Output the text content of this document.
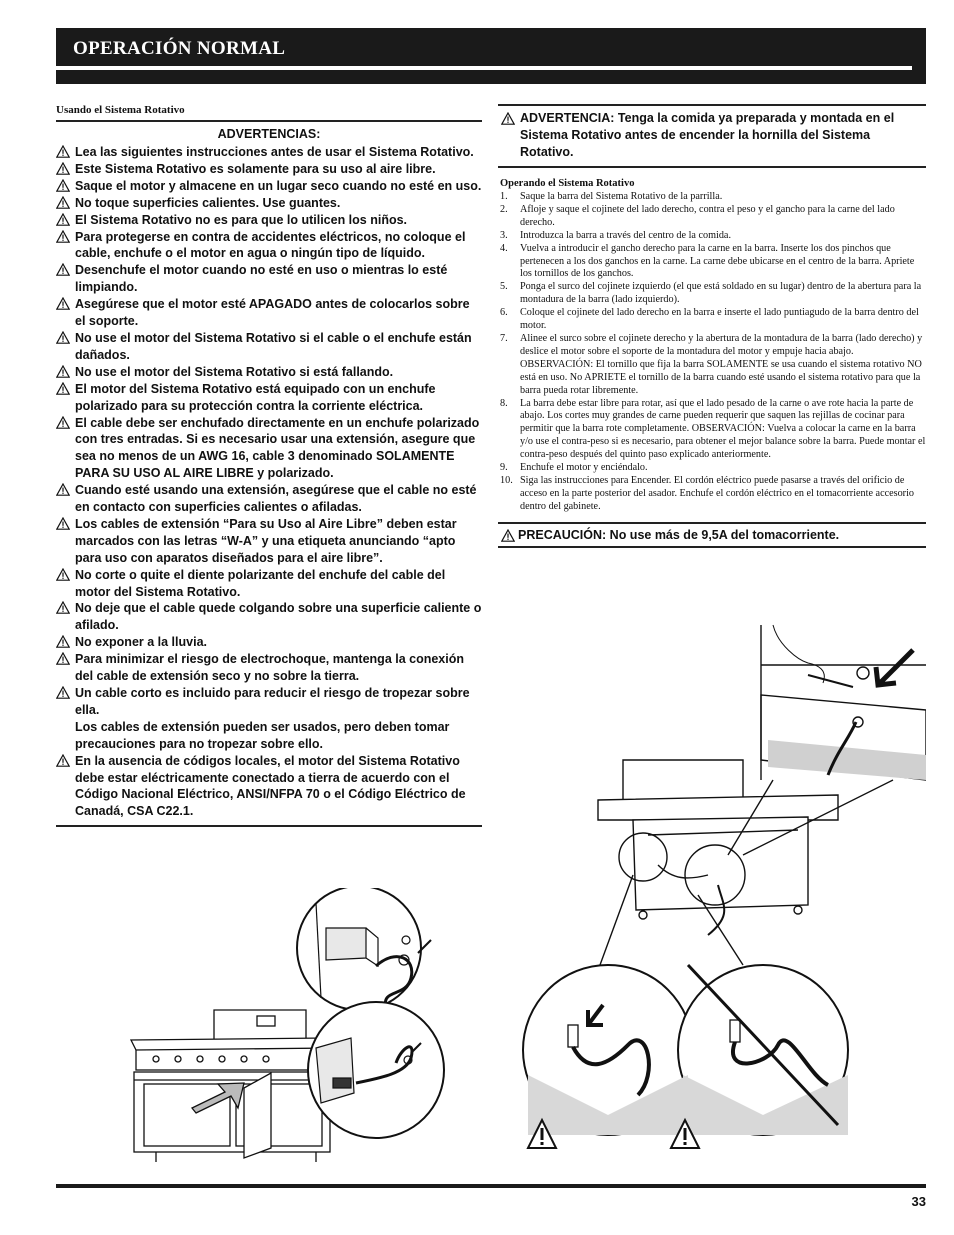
OPERACIÓN NORMAL
Usando el Sistema Rotativo
ADVERTENCIAS:
Lea las siguientes instrucciones antes de usar el Sistema Rotativo.
Este Sistema Rotativo es solamente para su uso al aire libre.
Saque el motor y almacene en un lugar seco cuando no esté en uso.
No toque superficies calientes. Use guantes.
El Sistema Rotativo no es para que lo utilicen los niños.
Para protegerse en contra de accidentes eléctricos, no coloque el cable, enchufe o el motor en agua o ningún tipo de líquido.
Desenchufe el motor cuando no esté en uso o mientras lo esté limpiando.
Asegúrese que el motor esté APAGADO antes de colocarlos sobre el soporte.
No use el motor del Sistema Rotativo si el cable o el enchufe están dañados.
No use el motor del Sistema Rotativo si está fallando.
El motor del Sistema Rotativo está equipado con un enchufe polarizado para su protección contra la corriente eléctrica.
El cable debe ser enchufado directamente en un enchufe polarizado con tres entradas. Si es necesario usar una extensión, asegure que sea no menos de un AWG 16, cable 3 denominado SOLAMENTE PARA SU USO AL AIRE LIBRE y polarizado.
Cuando esté usando una extensión, asegúrese que el cable no esté en contacto con superficies calientes o afiladas.
Los cables de extensión “Para su Uso al Aire Libre” deben estar marcados con las letras “W-A” y una etiqueta anunciando “apto para uso con aparatos diseñados para el aire libre”.
No corte o quite el diente polarizante del enchufe del cable del motor del Sistema Rotativo.
No deje que el cable quede colgando sobre una superficie caliente o afilado.
No exponer a la lluvia.
Para minimizar el riesgo de electrochoque, mantenga la conexión del cable de extensión seco y no sobre la tierra.
Un cable corto es incluido para reducir el riesgo de tropezar sobre ella.
Los cables de extensión pueden ser usados, pero deben tomar precauciones para no tropezar sobre ello.
En la ausencia de códigos locales, el motor del Sistema Rotativo debe estar eléctricamente conectado a tierra de acuerdo con el Código Nacional Eléctrico, ANSI/NFPA 70 o el Código Eléctrico de Canadá, CSA C22.1.
ADVERTENCIA: Tenga la comida ya preparada y montada en el Sistema Rotativo antes de encender la hornilla del Sistema Rotativo.
Operando el Sistema Rotativo
1. Saque la barra del Sistema Rotativo de la parrilla.
2. Afloje y saque el cojinete del lado derecho, contra el peso y el gancho para la carne del lado derecho.
3. Introduzca la barra a través del centro de la comida.
4. Vuelva a introducir el gancho derecho para la carne en la barra. Inserte los dos pinchos que pertenecen a los dos ganchos en la carne. La carne debe ubicarse en el centro de la barra. Apriete los tornillos de los ganchos.
5. Ponga el surco del cojinete izquierdo (el que está soldado en su lugar) dentro de la abertura para la montadura de la barra (lado izquierdo).
6. Coloque el cojinete del lado derecho en la barra e inserte el lado puntiagudo de la barra dentro del motor.
7. Alinee el surco sobre el cojinete derecho y la abertura de la montadura de la barra (lado derecho) y deslice el motor sobre el soporte de la montadura del motor y empuje hacia abajo. OBSERVACIÓN: El tornillo que fija la barra SOLAMENTE se usa cuando el sistema rotativo NO está en uso. No APRIETE el tornillo de la barra cuando esté usando el sistema rotativo para que la barra pueda rotar libremente.
8. La barra debe estar libre para rotar, así que el lado pesado de la carne o ave rote hacia la parte de abajo. Los cortes muy grandes de carne pueden requerir que saquen las rejillas de cocinar para permitir que la barra rote completamente. OBSERVACIÓN: Vuelva a colocar la carne en la barra y/o use el contra-peso si es necesario, para obtener el mejor balance sobre la barra. Puede montar el contra-peso después del quinto paso explicado anteriormente.
9. Enchufe el motor y enciéndalo.
10. Siga las instrucciones para Encender. El cordón eléctrico puede pasarse a través del orificio de acceso en la parte posterior del asador. Enchufe el cordón eléctrico en el tomacorriente accesorio dentro del gabinete.
PRECAUCIÓN: No use más de 9,5A del tomacorriente.
33
